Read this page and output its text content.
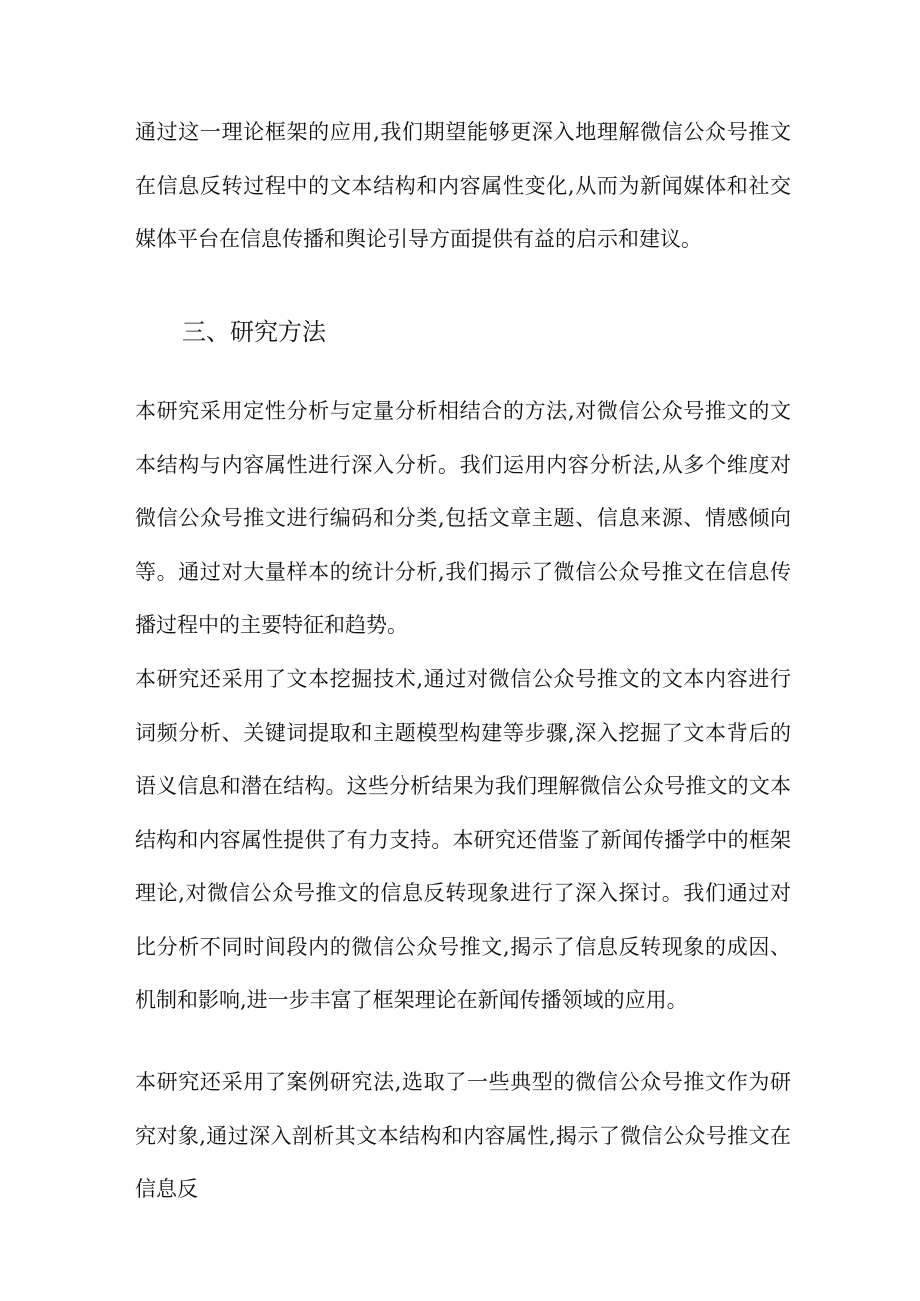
通过这一理论框架的应用,我们期望能够更深入地理解微信公众号推文在信息反转过程中的文本结构和内容属性变化,从而为新闻媒体和社交媒体平台在信息传播和舆论引导方面提供有益的启示和建议。

三、研究方法

本研究采用定性分析与定量分析相结合的方法,对微信公众号推文的文本结构与内容属性进行深入分析。我们运用内容分析法,从多个维度对微信公众号推文进行编码和分类,包括文章主题、信息来源、情感倾向等。通过对大量样本的统计分析,我们揭示了微信公众号推文在信息传播过程中的主要特征和趋势。

本研究还采用了文本挖掘技术,通过对微信公众号推文的文本内容进行词频分析、关键词提取和主题模型构建等步骤,深入挖掘了文本背后的语义信息和潜在结构。这些分析结果为我们理解微信公众号推文的文本结构和内容属性提供了有力支持。本研究还借鉴了新闻传播学中的框架理论,对微信公众号推文的信息反转现象进行了深入探讨。我们通过对比分析不同时间段内的微信公众号推文,揭示了信息反转现象的成因、机制和影响,进一步丰富了框架理论在新闻传播领域的应用。

本研究还采用了案例研究法,选取了一些典型的微信公众号推文作为研究对象,通过深入剖析其文本结构和内容属性,揭示了微信公众号推文在信息反
